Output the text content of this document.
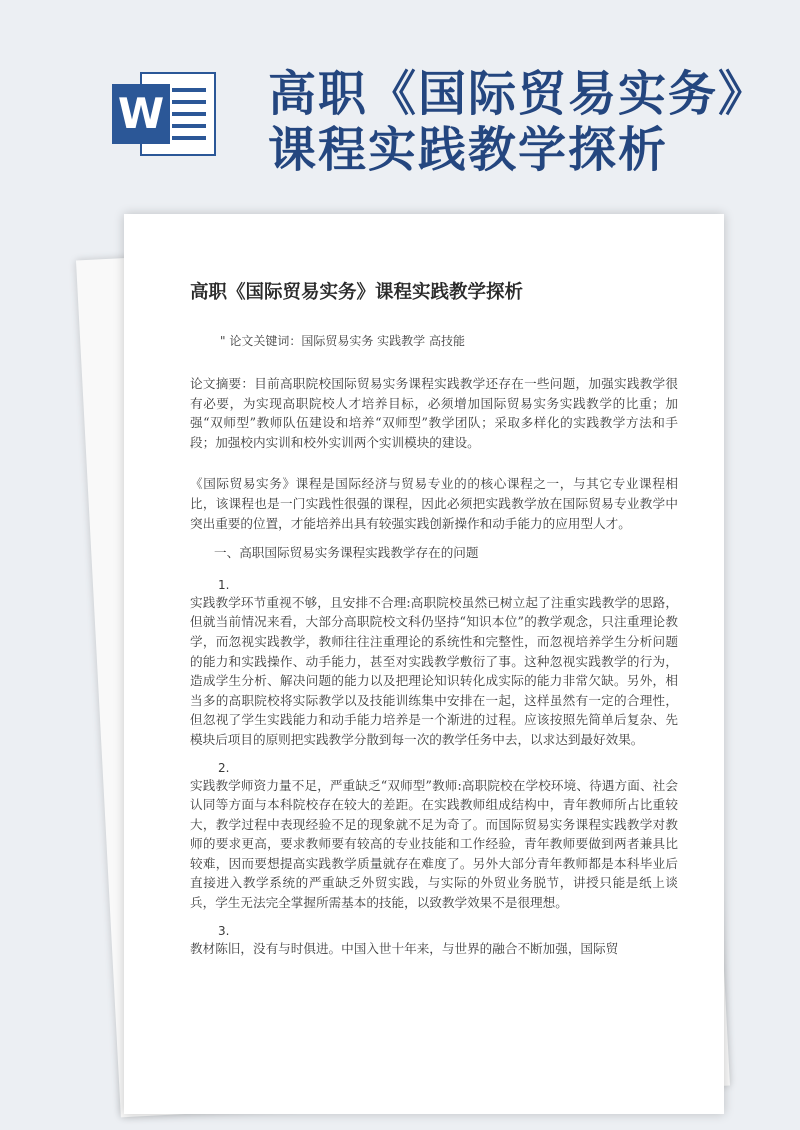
W 高职《国际贸易实务》
课程实践教学探析
高职《国际贸易实务》课程实践教学探析
" 论文关键词：国际贸易实务 实践教学 高技能

论文摘要：目前高职院校国际贸易实务课程实践教学还存在一些问题，加强实践教学很有必要，为实现高职院校人才培养目标，必须增加国际贸易实务实践教学的比重；加强“双师型”教师队伍建设和培养“双师型”教学团队；采取多样化的实践教学方法和手段；加强校内实训和校外实训两个实训模块的建设。

《国际贸易实务》课程是国际经济与贸易专业的的核心课程之一，与其它专业课程相比，该课程也是一门实践性很强的课程，因此必须把实践教学放在国际贸易专业教学中突出重要的位置，才能培养出具有较强实践创新操作和动手能力的应用型人才。

一、高职国际贸易实务课程实践教学存在的问题
1.

实践教学环节重视不够，且安排不合理:高职院校虽然已树立起了注重实践教学的思路，但就当前情况来看，大部分高职院校文科仍坚持“知识本位”的教学观念，只注重理论教学，而忽视实践教学，教师往往注重理论的系统性和完整性，而忽视培养学生分析问题的能力和实践操作、动手能力，甚至对实践教学敷衍了事。这种忽视实践教学的行为，造成学生分析、解决问题的能力以及把理论知识转化成实际的能力非常欠缺。另外，相当多的高职院校将实际教学以及技能训练集中安排在一起，这样虽然有一定的合理性，但忽视了学生实践能力和动手能力培养是一个渐进的过程。应该按照先简单后复杂、先模块后项目的原则把实践教学分散到每一次的教学任务中去，以求达到最好效果。

2.

实践教学师资力量不足，严重缺乏“双师型”教师:高职院校在学校环境、待遇方面、社会认同等方面与本科院校存在较大的差距。在实践教师组成结构中，青年教师所占比重较大，教学过程中表现经验不足的现象就不足为奇了。而国际贸易实务课程实践教学对教师的要求更高，要求教师要有较高的专业技能和工作经验，青年教师要做到两者兼具比较难，因而要想提高实践教学质量就存在难度了。另外大部分青年教师都是本科毕业后直接进入教学系统的严重缺乏外贸实践，与实际的外贸业务脱节，讲授只能是纸上谈兵，学生无法完全掌握所需基本的技能，以致教学效果不是很理想。

3.

教材陈旧，没有与时俱进。中国入世十年来，与世界的融合不断加强，国际贸
